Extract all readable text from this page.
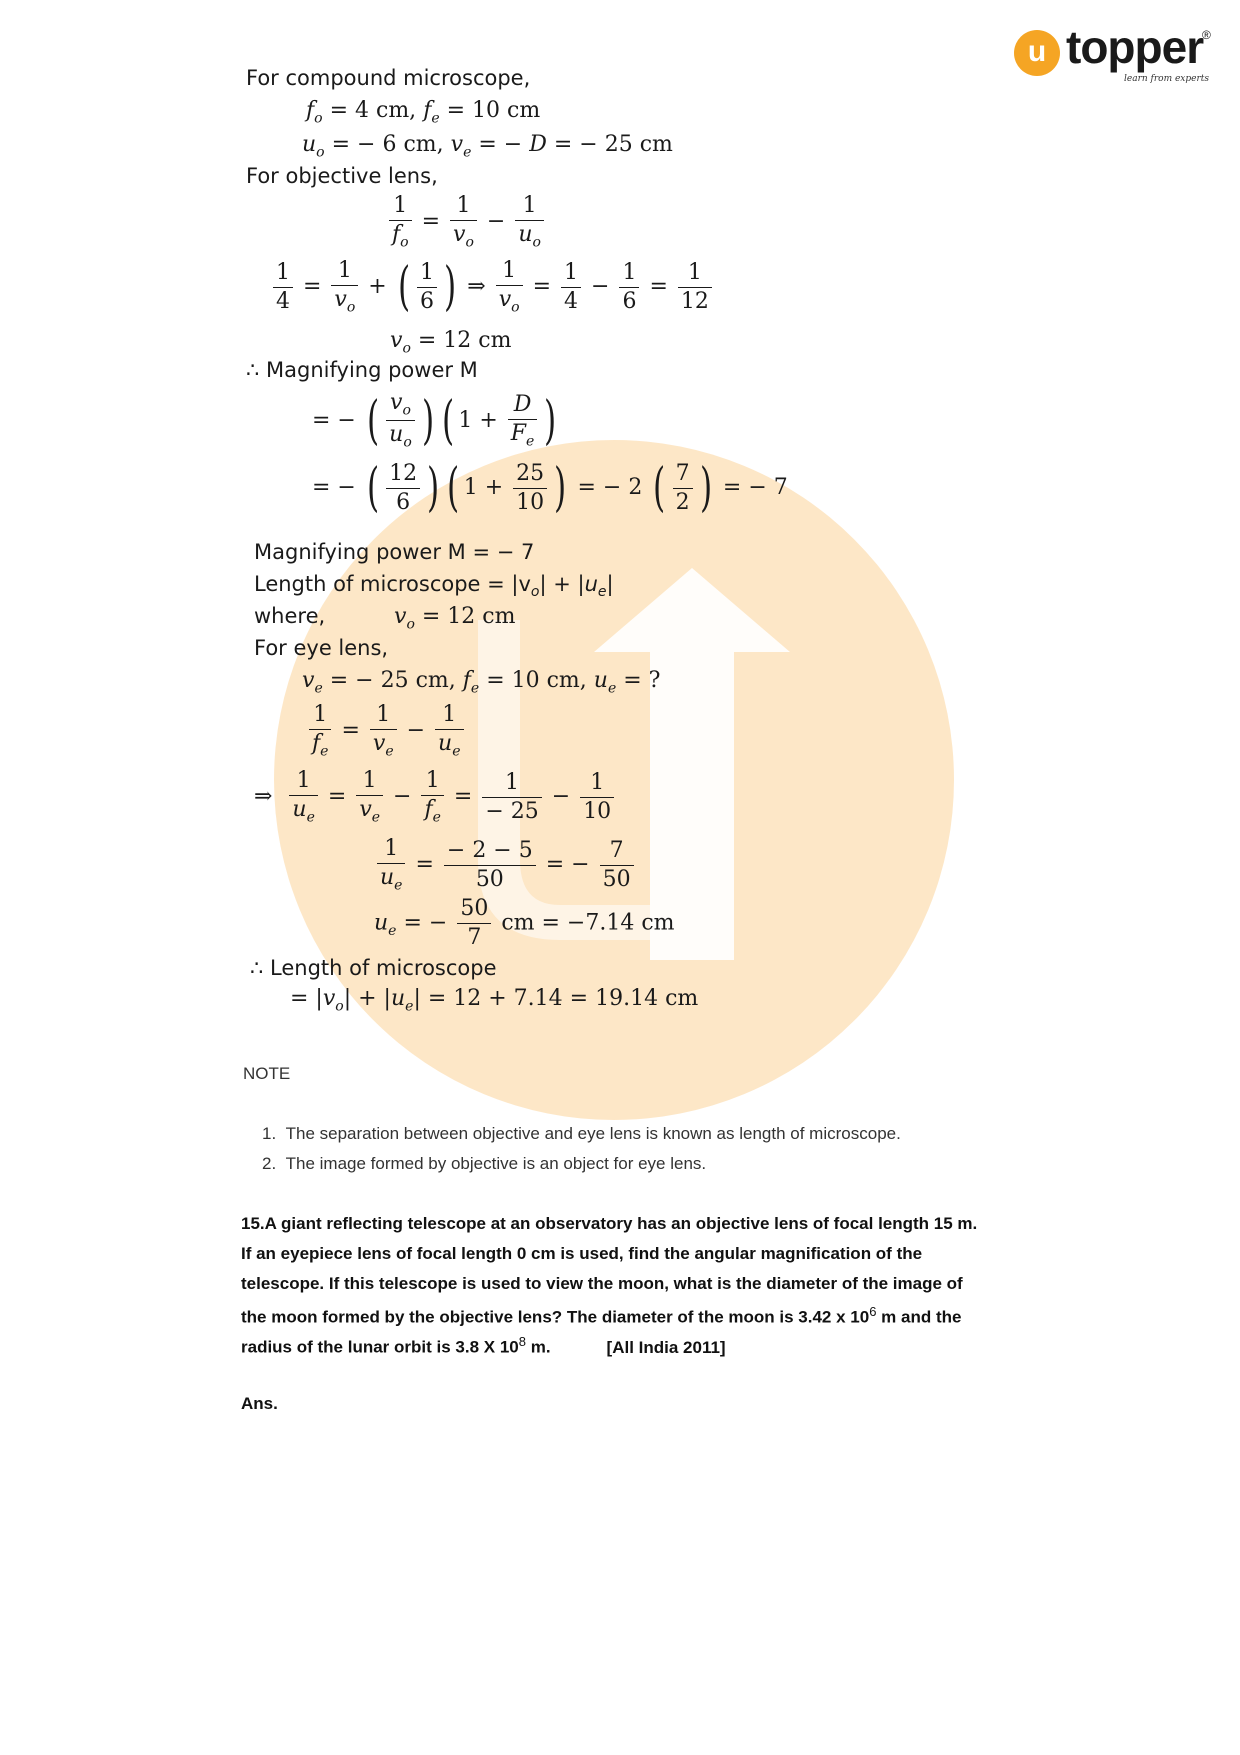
u topper
®
learn from experts
For compound microscope,
$f_o = 4$ cm, $f_e = 10$ cm
$u_o$ = − 6 cm, $v_e$ = − D = − 25 cm
For objective lens,
$\frac{1}{f_o} = \frac{1}{v_o} - \frac{1}{u_o}$
$\frac{1}{4} = \frac{1}{v_o}$ + ( $\frac{1}{6}$ ) ⇒ $\frac{1}{v_o} = \frac{1}{4} - \frac{1}{6} = \frac{1}{12}$
$v_o = 12$ cm
∴ Magnifying power M
= − ( $\frac{v_o}{u_o}$ ) ( $1 + \frac{D}{F_e}$ )
= − ( $\frac{12}{6}$ ) ( $1 + \frac{25}{10}$ ) = − 2 ( $\frac{7}{2}$ ) = − 7
Magnifying power M = − 7
Length of microscope = $|v_o| + |u_e|$
where,	$v_o = 12$ cm
For eye lens,
$v_e$ = − 25 cm, $f_e = 10$ cm, $u_e$ = ?
$\frac{1}{f_e} = \frac{1}{v_e} - \frac{1}{u_e}$
⇒ $\frac{1}{u_e} = \frac{1}{v_e} - \frac{1}{f_e} = \frac{1}{- 25} - \frac{1}{10}$
$\frac{1}{u_e} = \frac{- 2 - 5}{50}$ = − $\frac{7}{50}$
$u_e$ = − $\frac{50}{7}$ cm = −7.14 cm
∴ Length of microscope
= $|v_o| + |u_e| = 12 + 7.14 = 19.14$ cm
NOTE
1.  The separation between objective and eye lens is known as length of microscope.
2.  The image formed by objective is an object for eye lens.
15.A giant reflecting telescope at an observatory has an objective lens of focal length 15 m.
If an eyepiece lens of focal length 0 cm is used, find the angular magnification of the
telescope. If this telescope is used to view the moon, what is the diameter of the image of
the moon formed by the objective lens? The diameter of the moon is 3.42 x $10^6$ m and the
radius of the lunar orbit is 3.8 X $10^8$ m.	[All India 2011]
Ans.
